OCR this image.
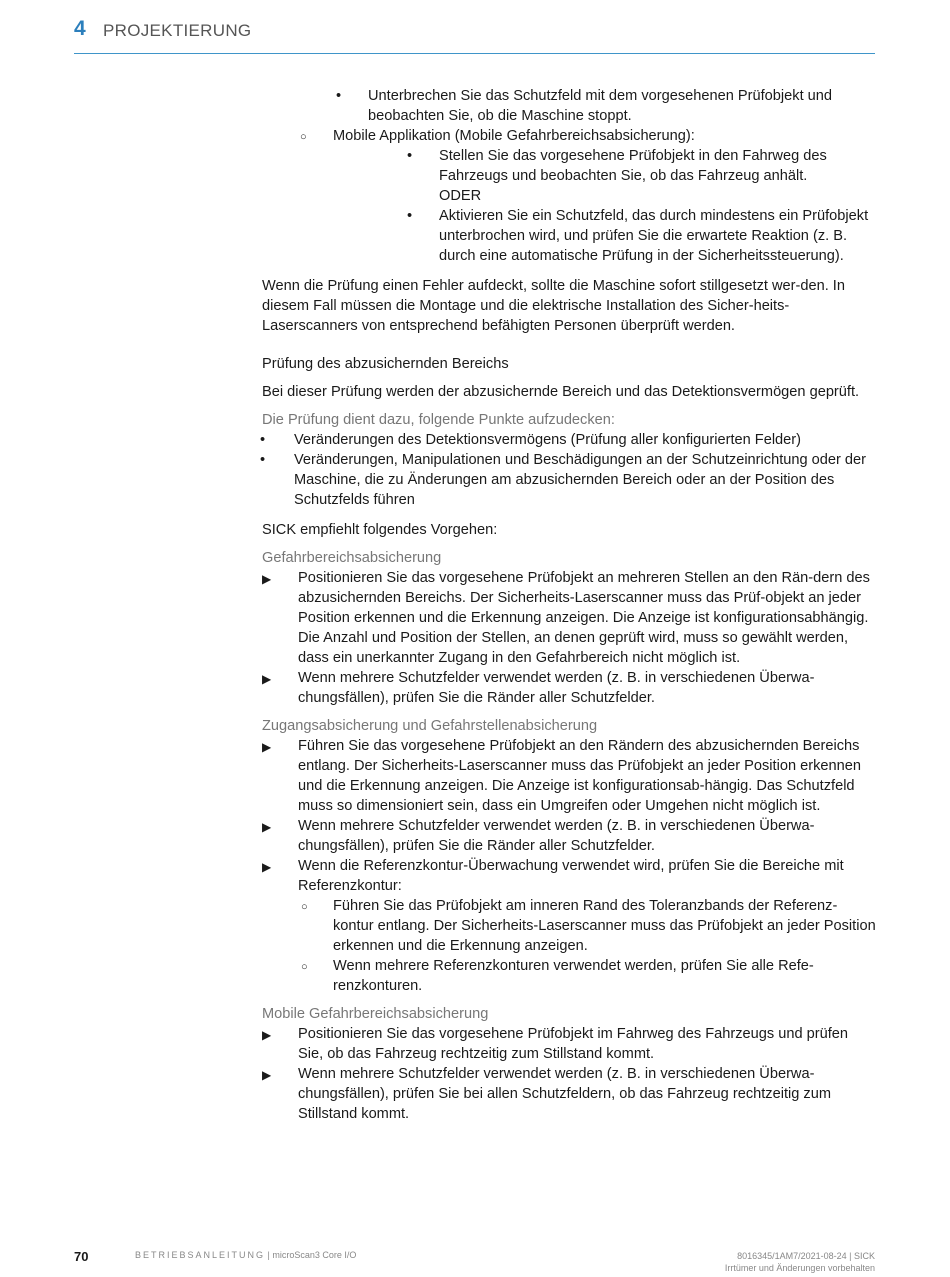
4 PROJEKTIERUNG
• Unterbrechen Sie das Schutzfeld mit dem vorgesehenen Prüfobjekt und beobachten Sie, ob die Maschine stoppt.
○ Mobile Applikation (Mobile Gefahrbereichsabsicherung):
• Stellen Sie das vorgesehene Prüfobjekt in den Fahrweg des Fahrzeugs und beobachten Sie, ob das Fahrzeug anhält.
ODER
• Aktivieren Sie ein Schutzfeld, das durch mindestens ein Prüfobjekt unterbrochen wird, und prüfen Sie die erwartete Reaktion (z. B. durch eine automatische Prüfung in der Sicherheitssteuerung).

Wenn die Prüfung einen Fehler aufdeckt, sollte die Maschine sofort stillgesetzt wer-den. In diesem Fall müssen die Montage und die elektrische Installation des Sicher-heits-Laserscanners von entsprechend befähigten Personen überprüft werden.

Prüfung des abzusichernden Bereichs

Bei dieser Prüfung werden der abzusichernde Bereich und das Detektionsvermögen geprüft.

Die Prüfung dient dazu, folgende Punkte aufzudecken:

• Veränderungen des Detektionsvermögens (Prüfung aller konfigurierten Felder)
• Veränderungen, Manipulationen und Beschädigungen an der Schutzeinrichtung oder der Maschine, die zu Änderungen am abzusichernden Bereich oder an der Position des Schutzfelds führen

SICK empfiehlt folgendes Vorgehen:

Gefahrbereichsabsicherung

▶ Positionieren Sie das vorgesehene Prüfobjekt an mehreren Stellen an den Rän-dern des abzusichernden Bereichs. Der Sicherheits-Laserscanner muss das Prüf-objekt an jeder Position erkennen und die Erkennung anzeigen. Die Anzeige ist konfigurationsabhängig. Die Anzahl und Position der Stellen, an denen geprüft wird, muss so gewählt werden, dass ein unerkannter Zugang in den Gefahrbereich nicht möglich ist.
▶ Wenn mehrere Schutzfelder verwendet werden (z. B. in verschiedenen Überwa-chungsfällen), prüfen Sie die Ränder aller Schutzfelder.

Zugangsabsicherung und Gefahrstellenabsicherung

▶ Führen Sie das vorgesehene Prüfobjekt an den Rändern des abzusichernden Bereichs entlang. Der Sicherheits-Laserscanner muss das Prüfobjekt an jeder Position erkennen und die Erkennung anzeigen. Die Anzeige ist konfigurationsab-hängig. Das Schutzfeld muss so dimensioniert sein, dass ein Umgreifen oder Umgehen nicht möglich ist.
▶ Wenn mehrere Schutzfelder verwendet werden (z. B. in verschiedenen Überwa-chungsfällen), prüfen Sie die Ränder aller Schutzfelder.
▶ Wenn die Referenzkontur-Überwachung verwendet wird, prüfen Sie die Bereiche mit Referenzkontur:
○ Führen Sie das Prüfobjekt am inneren Rand des Toleranzbands der Referenz-kontur entlang. Der Sicherheits-Laserscanner muss das Prüfobjekt an jeder Position erkennen und die Erkennung anzeigen.
○ Wenn mehrere Referenzkonturen verwendet werden, prüfen Sie alle Refe-renzkonturen.

Mobile Gefahrbereichsabsicherung

▶ Positionieren Sie das vorgesehene Prüfobjekt im Fahrweg des Fahrzeugs und prüfen Sie, ob das Fahrzeug rechtzeitig zum Stillstand kommt.
▶ Wenn mehrere Schutzfelder verwendet werden (z. B. in verschiedenen Überwa-chungsfällen), prüfen Sie bei allen Schutzfeldern, ob das Fahrzeug rechtzeitig zum Stillstand kommt.
70	BETRIEBSANLEITUNG | microScan3 Core I/O	8016345/1AM7/2021-08-24 | SICK
Irrtümer und Änderungen vorbehalten
